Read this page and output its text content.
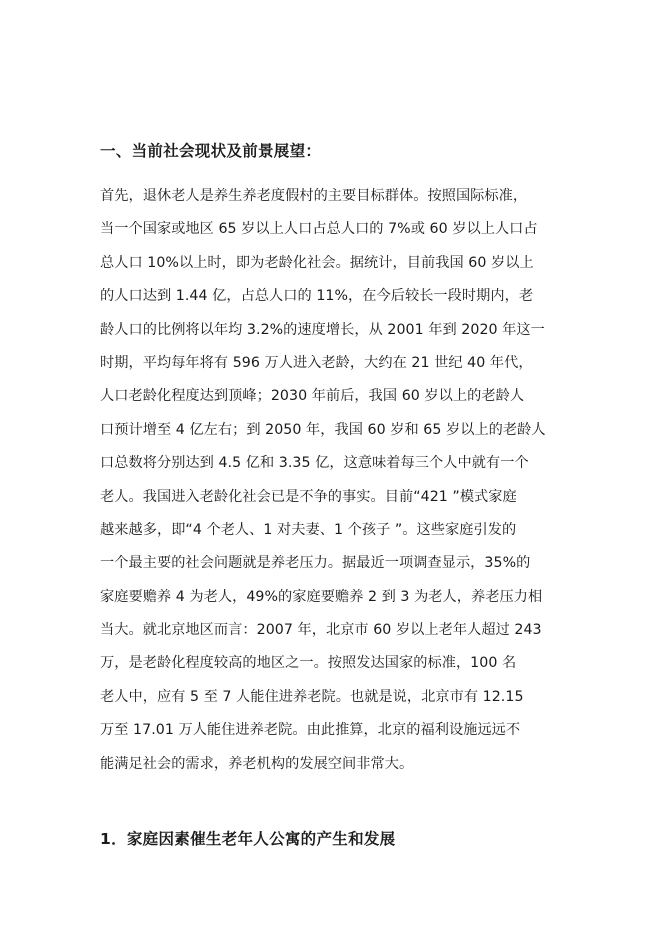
一、当前社会现状及前景展望：
首先，退休老人是养生养老度假村的主要目标群体。按照国际标准，
当一个国家或地区 65 岁以上人口占总人口的 7%或 60 岁以上人口占
总人口 10%以上时，即为老龄化社会。据统计，目前我国 60 岁以上
的人口达到 1.44 亿，占总人口的 11%，在今后较长一段时期内，老
龄人口的比例将以年均 3.2%的速度增长，从 2001 年到 2020 年这一
时期，平均每年将有 596 万人进入老龄，大约在 21 世纪 40 年代，
人口老龄化程度达到顶峰；2030 年前后，我国 60 岁以上的老龄人
口预计增至 4 亿左右；到 2050 年，我国 60 岁和 65 岁以上的老龄人
口总数将分别达到 4.5 亿和 3.35 亿，这意味着每三个人中就有一个
老人。我国进入老龄化社会已是不争的事实。目前“421 ”模式家庭
越来越多，即“4 个老人、1 对夫妻、1 个孩子 ”。这些家庭引发的
一个最主要的社会问题就是养老压力。据最近一项调查显示，35%的
家庭要赡养 4 为老人，49%的家庭要赡养 2 到 3 为老人，养老压力相
当大。就北京地区而言：2007 年，北京市 60 岁以上老年人超过 243
万，是老龄化程度较高的地区之一。按照发达国家的标准，100 名
老人中，应有 5 至 7 人能住进养老院。也就是说，北京市有 12.15
万至 17.01 万人能住进养老院。由此推算，北京的福利设施远远不
能满足社会的需求，养老机构的发展空间非常大。
1．家庭因素催生老年人公寓的产生和发展
